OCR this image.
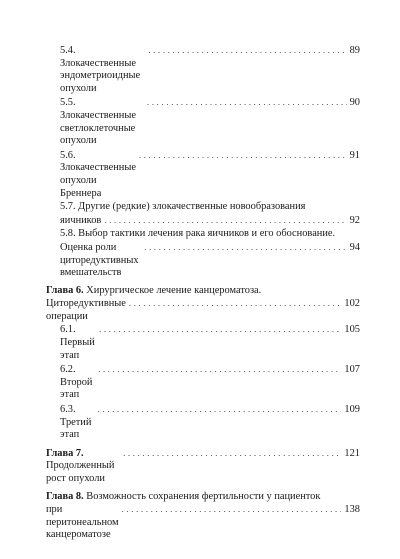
5.4. Злокачественные эндометриоидные опухоли
. . .
89
5.5. Злокачественные светлоклеточные опухоли
. . .
90
5.6. Злокачественные опухоли Бреннера
. . .
91
5.7. Другие (редкие) злокачественные новообразования
яичников
. . .	92
5.8. Выбор тактики лечения рака яичников и его обоснование.
Оценка роли циторедуктивных вмешательств
. . .
94
Глава 6. Хирургическое лечение канцероматоза.
Циторедуктивные операции
. . .
102
6.1. Первый этап
. . .
105
6.2. Второй этап
. . .
107
6.3. Третий этап
. . .
109
Глава 7. Продолженный рост опухоли
. . .
121
Глава 8. Возможность сохранения фертильности у пациенток
при перитонеальном канцероматозе
. . .
138
